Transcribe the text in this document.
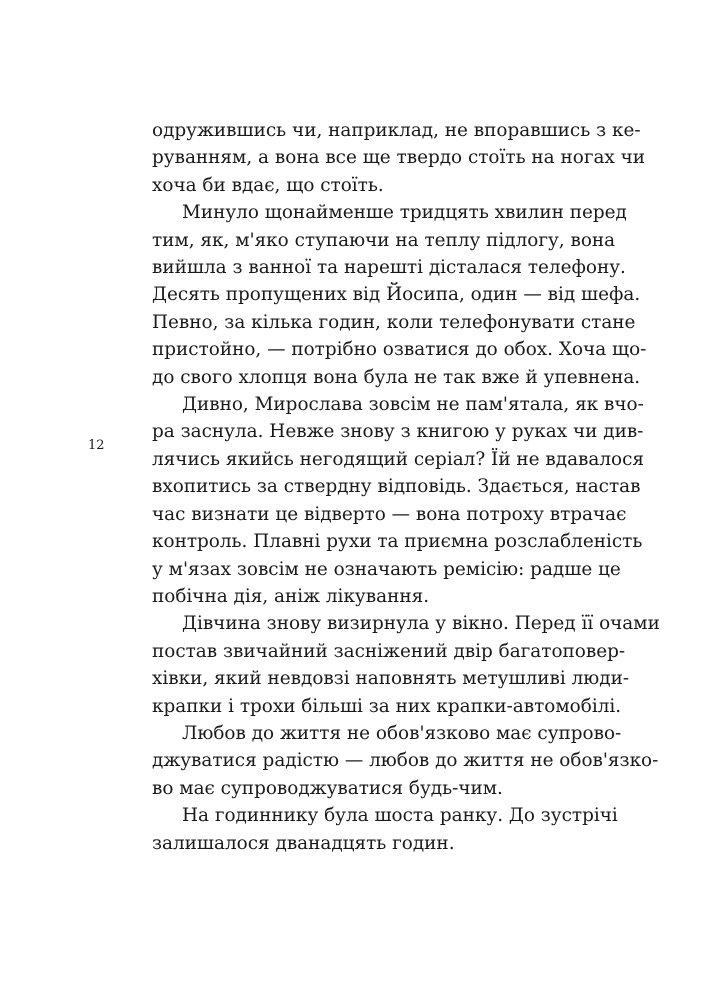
12
одружившись чи, наприклад, не впоравшись з ке-
руванням, а вона все ще твердо стоїть на ногах чи
хоча би вдає, що стоїть.
Минуло щонайменше тридцять хвилин перед
тим, як, м'яко ступаючи на теплу підлогу, вона
вийшла з ванної та нарешті дісталася телефону.
Десять пропущених від Йосипа, один — від шефа.
Певно, за кілька годин, коли телефонувати стане
пристойно, — потрібно озватися до обох. Хоча що-
до свого хлопця вона була не так вже й упевнена.
Дивно, Мирослава зовсім не пам'ятала, як вчо-
ра заснула. Невже знову з книгою у руках чи див-
лячись якийсь негодящий серіал? Їй не вдавалося
вхопитись за ствердну відповідь. Здається, настав
час визнати це відверто — вона потроху втрачає
контроль. Плавні рухи та приємна розслабленість
у м'язах зовсім не означають ремісію: радше це
побічна дія, аніж лікування.
Дівчина знову визирнула у вікно. Перед її очами
постав звичайний засніжений двір багатоповер-
хівки, який невдовзі наповнять метушливі люди-
крапки і трохи більші за них крапки-автомобілі.
Любов до життя не обов'язково має супрово-
джуватися радістю — любов до життя не обов'язко-
во має супроводжуватися будь-чим.
На годиннику була шоста ранку. До зустрічі
залишалося дванадцять годин.
